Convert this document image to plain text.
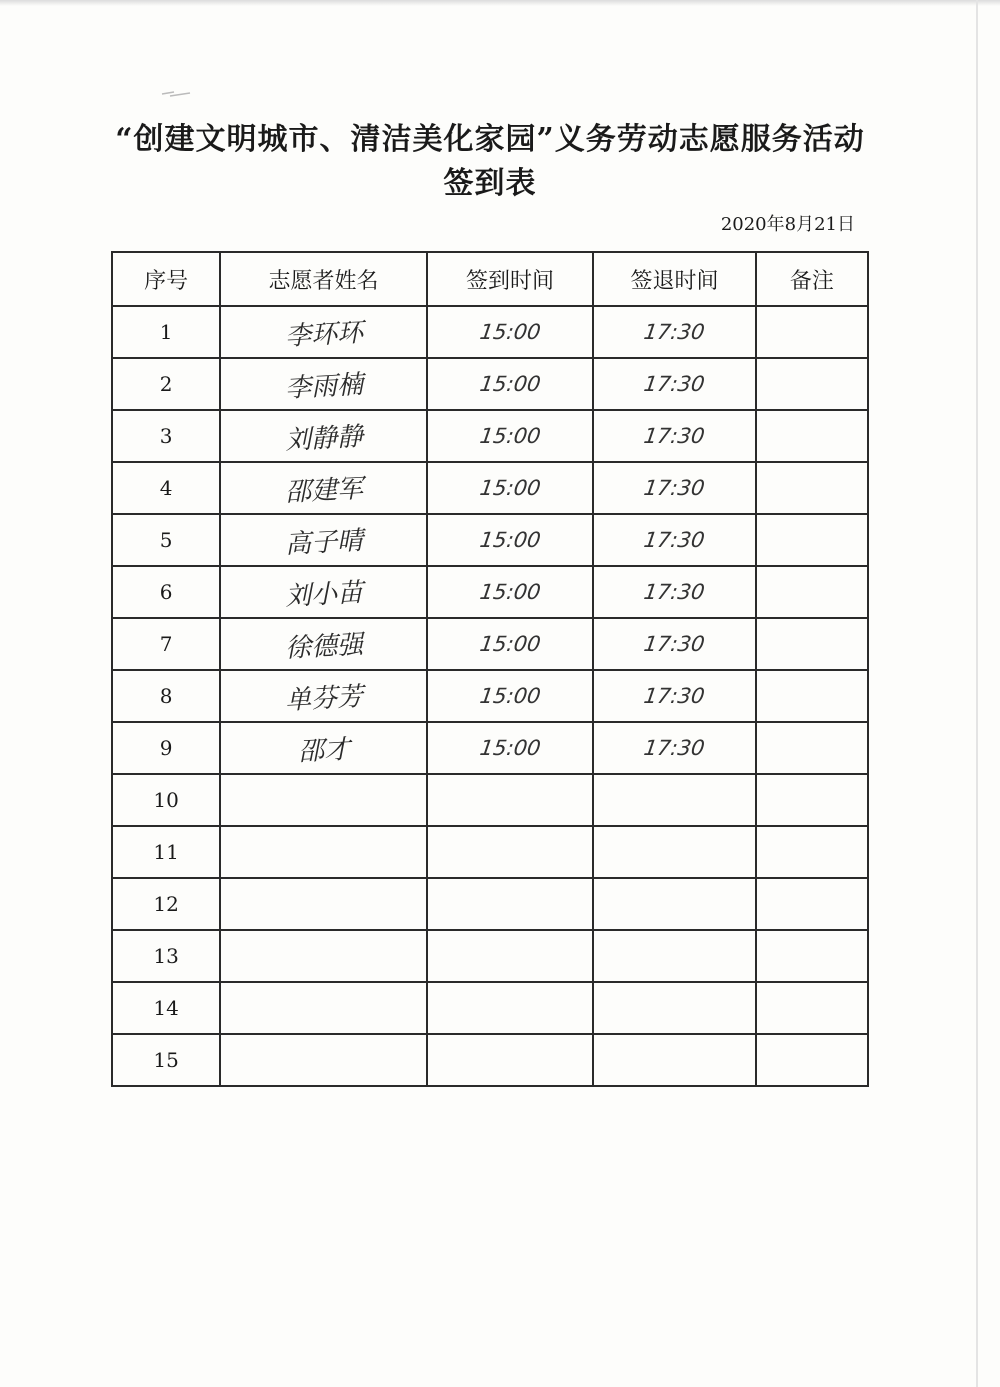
“创建文明城市、清洁美化家园”义务劳动志愿服务活动签到表
2020年8月21日
序号	志愿者姓名	签到时间	签退时间	备注
1	李环环	15:00	17:30	
2	李雨楠	15:00	17:30	
3	刘静静	15:00	17:30	
4	邵建军	15:00	17:30	
5	高子晴	15:00	17:30	
6	刘小苗	15:00	17:30	
7	徐德强	15:00	17:30	
8	单芬芳	15:00	17:30	
9	邵才	15:00	17:30	
10				
11				
12				
13				
14				
15				
